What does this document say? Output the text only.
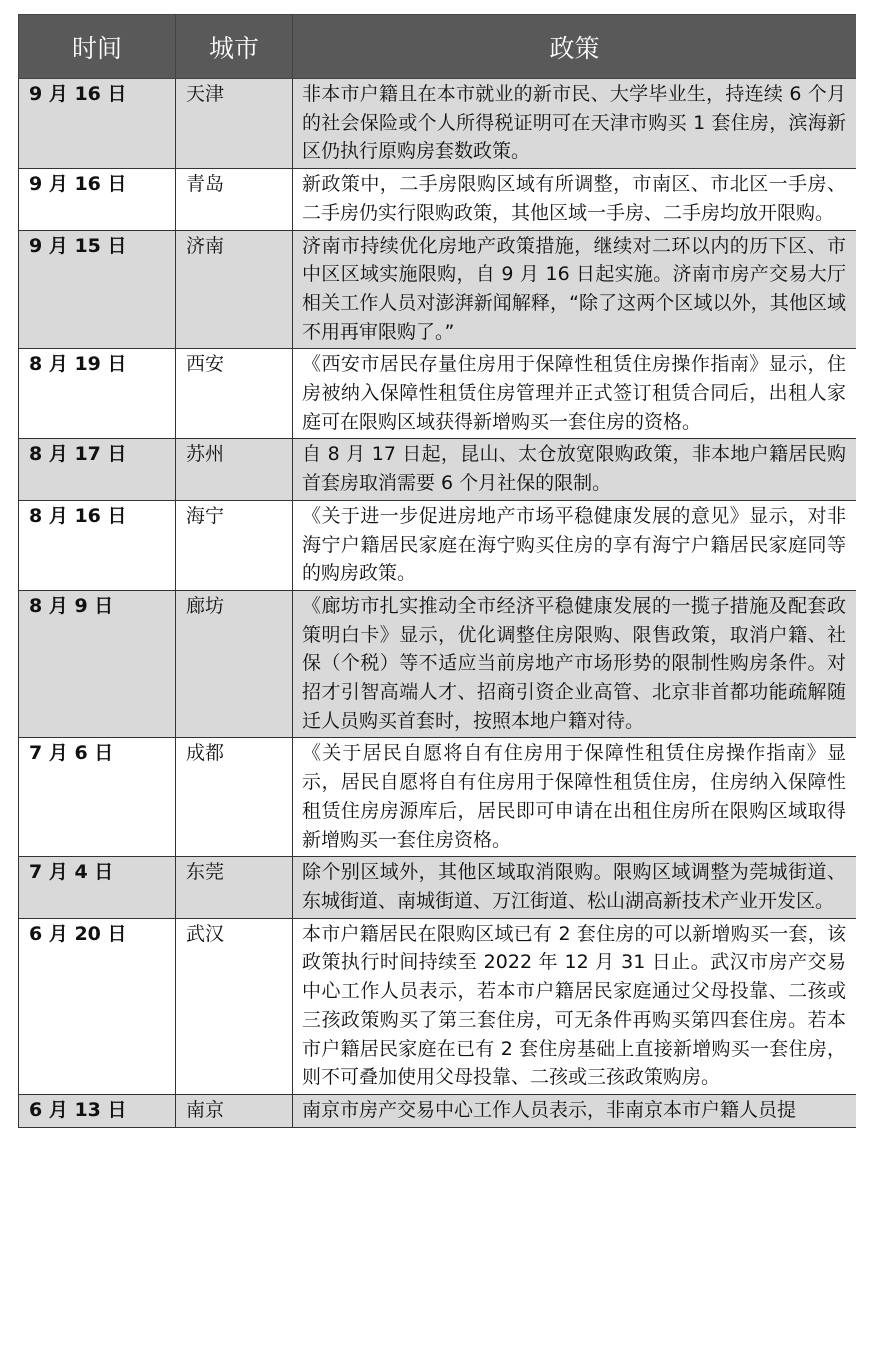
时间	城市	政策
9 月 16 日	天津	非本市户籍且在本市就业的新市民、大学毕业生，持连续 6 个月的社会保险或个人所得税证明可在天津市购买 1 套住房，滨海新区仍执行原购房套数政策。
9 月 16 日	青岛	新政策中，二手房限购区域有所调整，市南区、市北区一手房、二手房仍实行限购政策，其他区域一手房、二手房均放开限购。
9 月 15 日	济南	济南市持续优化房地产政策措施，继续对二环以内的历下区、市中区区域实施限购，自 9 月 16 日起实施。济南市房产交易大厅相关工作人员对澎湃新闻解释，“除了这两个区域以外，其他区域不用再审限购了。”
8 月 19 日	西安	《西安市居民存量住房用于保障性租赁住房操作指南》显示，住房被纳入保障性租赁住房管理并正式签订租赁合同后，出租人家庭可在限购区域获得新增购买一套住房的资格。
8 月 17 日	苏州	自 8 月 17 日起，昆山、太仓放宽限购政策，非本地户籍居民购首套房取消需要 6 个月社保的限制。
8 月 16 日	海宁	《关于进一步促进房地产市场平稳健康发展的意见》显示，对非海宁户籍居民家庭在海宁购买住房的享有海宁户籍居民家庭同等的购房政策。
8 月 9 日	廊坊	《廊坊市扎实推动全市经济平稳健康发展的一揽子措施及配套政策明白卡》显示，优化调整住房限购、限售政策，取消户籍、社保（个税）等不适应当前房地产市场形势的限制性购房条件。对招才引智高端人才、招商引资企业高管、北京非首都功能疏解随迁人员购买首套时，按照本地户籍对待。
7 月 6 日	成都	《关于居民自愿将自有住房用于保障性租赁住房操作指南》显示，居民自愿将自有住房用于保障性租赁住房，住房纳入保障性租赁住房房源库后，居民即可申请在出租住房所在限购区域取得新增购买一套住房资格。
7 月 4 日	东莞	除个别区域外，其他区域取消限购。限购区域调整为莞城街道、东城街道、南城街道、万江街道、松山湖高新技术产业开发区。
6 月 20 日	武汉	本市户籍居民在限购区域已有 2 套住房的可以新增购买一套，该政策执行时间持续至 2022 年 12 月 31 日止。武汉市房产交易中心工作人员表示，若本市户籍居民家庭通过父母投靠、二孩或三孩政策购买了第三套住房，可无条件再购买第四套住房。若本市户籍居民家庭在已有 2 套住房基础上直接新增购买一套住房，则不可叠加使用父母投靠、二孩或三孩政策购房。
6 月 13 日	南京	南京市房产交易中心工作人员表示，非南京本市户籍人员提
